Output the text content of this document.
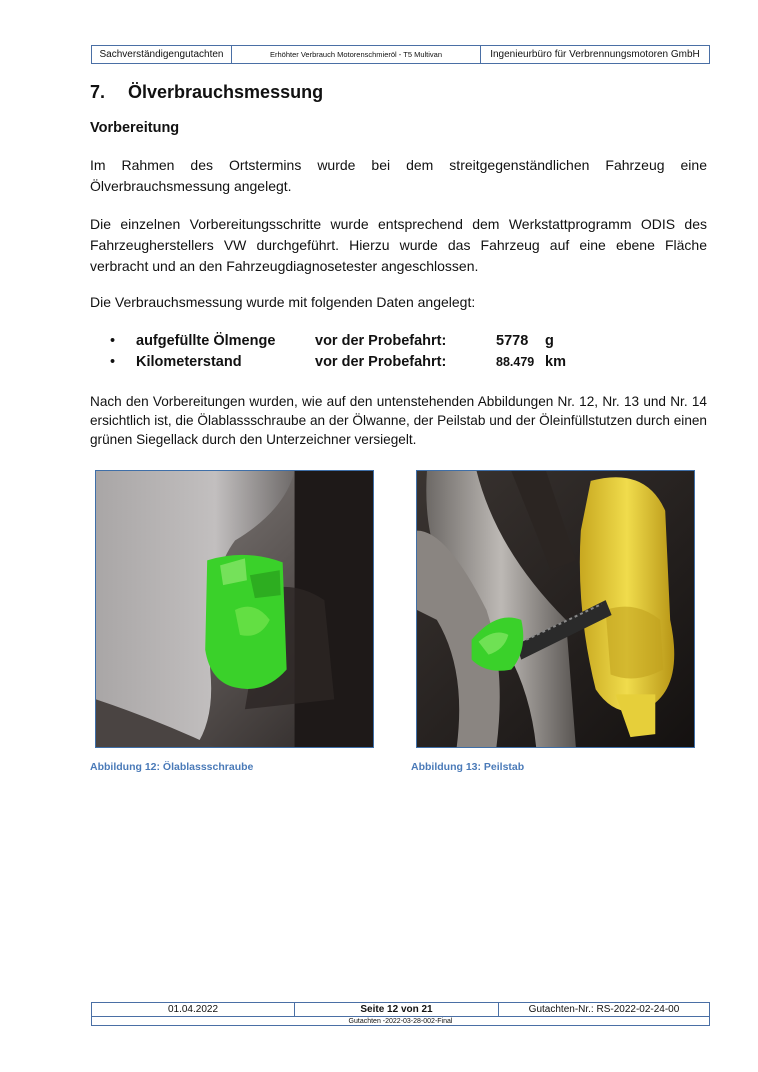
Sachverständigengutachten	Erhöhter Verbrauch Motorenschmieröl - T5 Multivan	Ingenieurbüro für Verbrennungsmotoren GmbH
7. Ölverbrauchsmessung
Vorbereitung
Im Rahmen des Ortstermins wurde bei dem streitgegenständlichen Fahrzeug eine Ölverbrauchsmessung angelegt.
Die einzelnen Vorbereitungsschritte wurde entsprechend dem Werkstattprogramm ODIS des Fahrzeugherstellers VW durchgeführt. Hierzu wurde das Fahrzeug auf eine ebene Fläche verbracht und an den Fahrzeugdiagnosetester angeschlossen.
Die Verbrauchsmessung wurde mit folgenden Daten angelegt:
• aufgefüllte Ölmenge	vor der Probefahrt:	5778 g
• Kilometerstand	vor der Probefahrt:	88.479 km
Nach den Vorbereitungen wurden, wie auf den untenstehenden Abbildungen Nr. 12, Nr. 13 und Nr. 14 ersichtlich ist, die Ölablassschraube an der Ölwanne, der Peilstab und der Öleinfüllstutzen durch einen grünen Siegellack durch den Unterzeichner versiegelt.
Abbildung 12: Ölablassschraube	Abbildung 13: Peilstab
01.04.2022	Seite 12 von 21	Gutachten-Nr.: RS-2022-02-24-00
Gutachten -2022-03-28-002-Final
